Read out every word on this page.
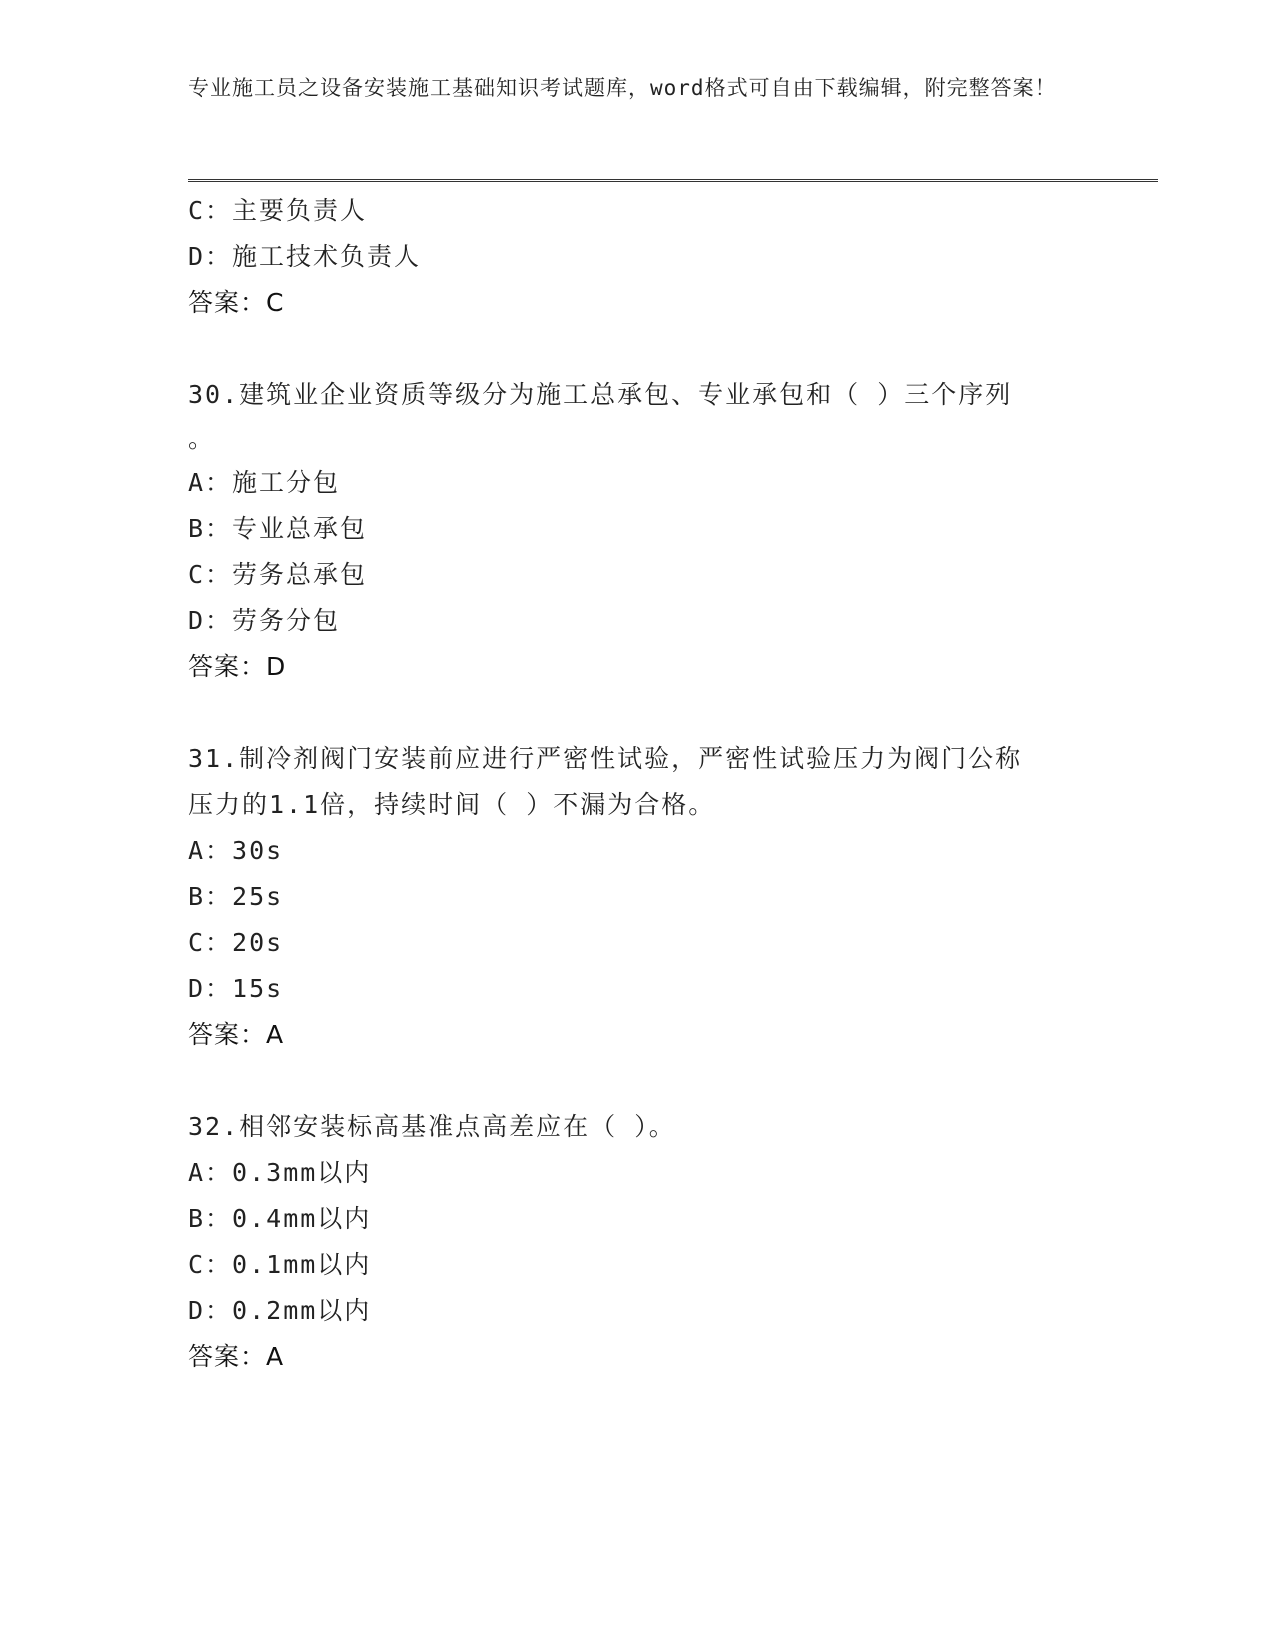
专业施工员之设备安装施工基础知识考试题库，word格式可自由下载编辑，附完整答案！
C：主要负责人
D：施工技术负责人
答案：C
30.建筑业企业资质等级分为施工总承包、专业承包和（ ）三个序列
。
A：施工分包
B：专业总承包
C：劳务总承包
D：劳务分包
答案：D
31.制冷剂阀门安装前应进行严密性试验，严密性试验压力为阀门公称
压力的1.1倍，持续时间（ ）不漏为合格。
A：30s
B：25s
C：20s
D：15s
答案：A
32.相邻安装标高基准点高差应在（ ）。
A：0.3mm以内
B：0.4mm以内
C：0.1mm以内
D：0.2mm以内
答案：A
